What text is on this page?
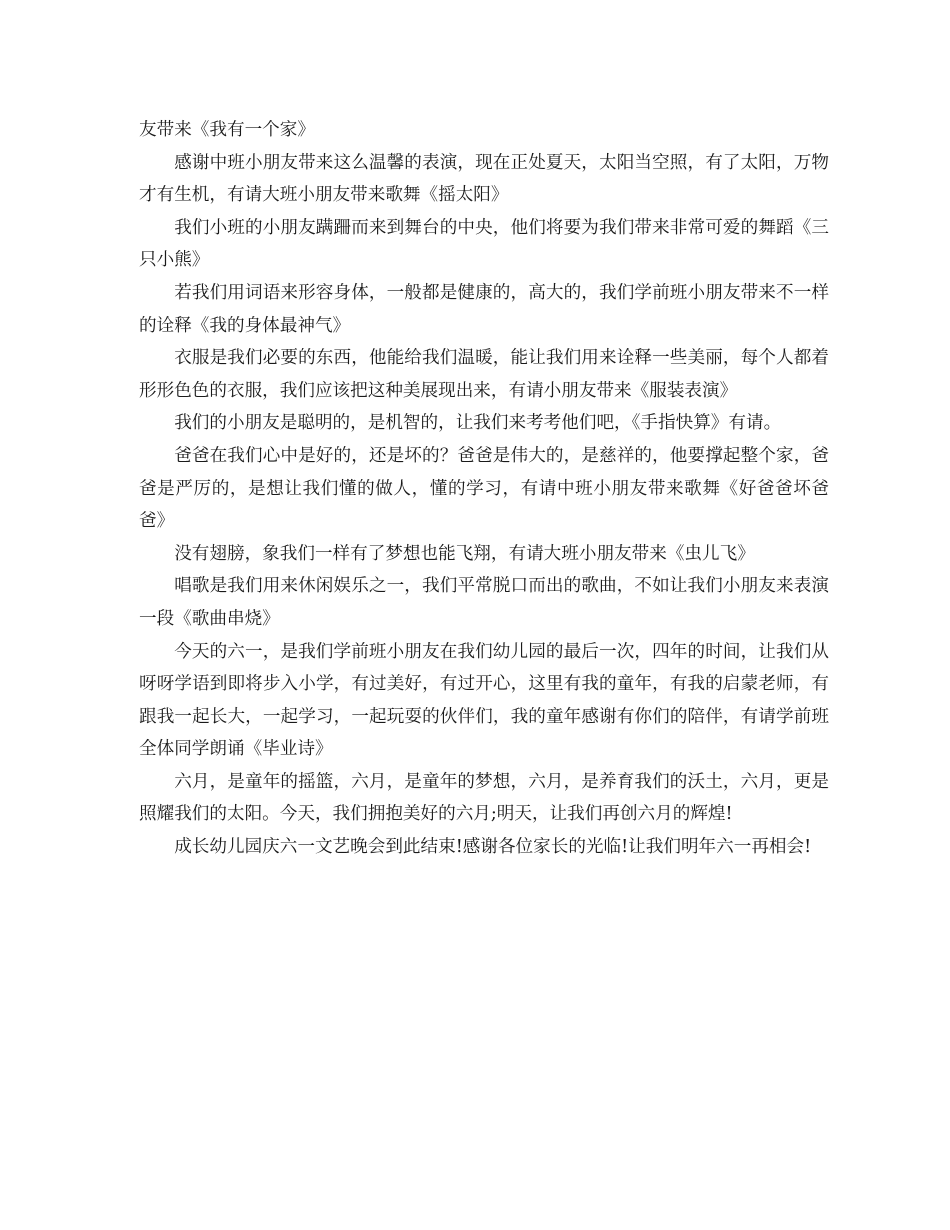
友带来《我有一个家》

感谢中班小朋友带来这么温馨的表演，现在正处夏天，太阳当空照，有了太阳，万物才有生机，有请大班小朋友带来歌舞《摇太阳》

我们小班的小朋友蹒跚而来到舞台的中央，他们将要为我们带来非常可爱的舞蹈《三只小熊》

若我们用词语来形容身体，一般都是健康的，高大的，我们学前班小朋友带来不一样的诠释《我的身体最神气》

衣服是我们必要的东西，他能给我们温暖，能让我们用来诠释一些美丽，每个人都着形形色色的衣服，我们应该把这种美展现出来，有请小朋友带来《服装表演》

我们的小朋友是聪明的，是机智的，让我们来考考他们吧，《手指快算》有请。

爸爸在我们心中是好的，还是坏的？爸爸是伟大的，是慈祥的，他要撑起整个家，爸爸是严厉的，是想让我们懂的做人，懂的学习，有请中班小朋友带来歌舞《好爸爸坏爸爸》

没有翅膀，象我们一样有了梦想也能飞翔，有请大班小朋友带来《虫儿飞》

唱歌是我们用来休闲娱乐之一，我们平常脱口而出的歌曲，不如让我们小朋友来表演一段《歌曲串烧》

今天的六一，是我们学前班小朋友在我们幼儿园的最后一次，四年的时间，让我们从呀呀学语到即将步入小学，有过美好，有过开心，这里有我的童年，有我的启蒙老师，有跟我一起长大，一起学习，一起玩耍的伙伴们，我的童年感谢有你们的陪伴，有请学前班全体同学朗诵《毕业诗》

六月，是童年的摇篮，六月，是童年的梦想，六月，是养育我们的沃土，六月，更是照耀我们的太阳。今天，我们拥抱美好的六月;明天，让我们再创六月的辉煌!

成长幼儿园庆六一文艺晚会到此结束!感谢各位家长的光临!让我们明年六一再相会!
